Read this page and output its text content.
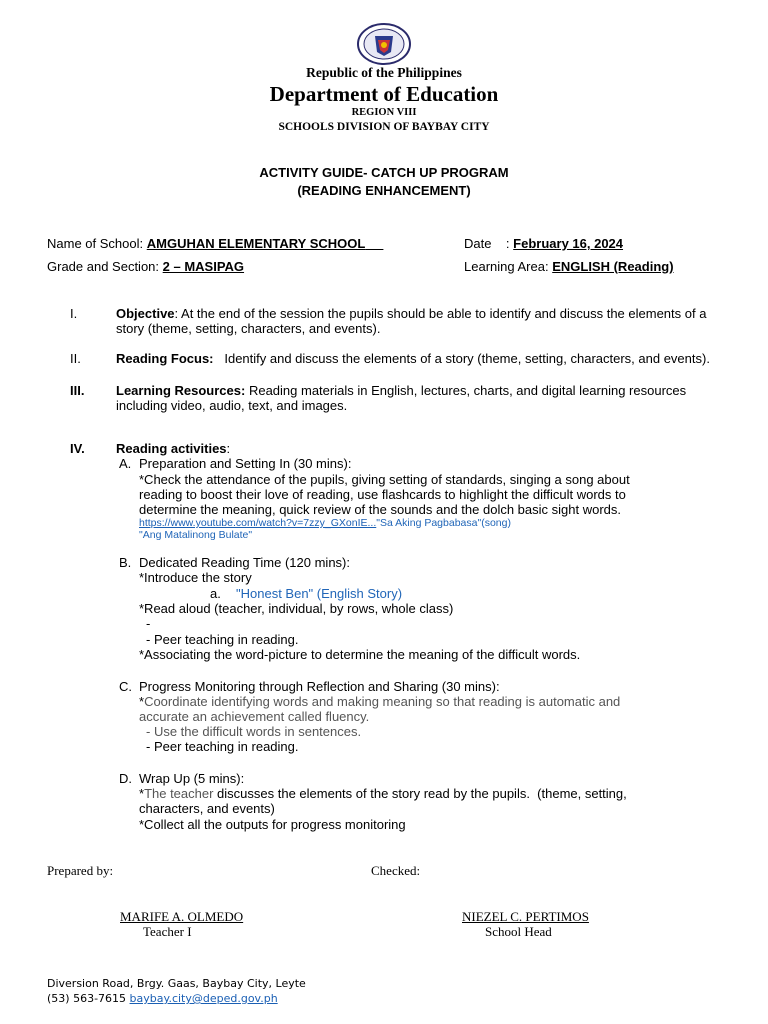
Republic of the Philippines
Department of Education
REGION VIII
SCHOOLS DIVISION OF BAYBAY CITY
ACTIVITY GUIDE- CATCH UP PROGRAM
(READING ENHANCEMENT)
Name of School: AMGUHAN ELEMENTARY SCHOOL	Date : February 16, 2024
Grade and Section: 2 – MASIPAG	Learning Area: ENGLISH (Reading)
I.	Objective: At the end of the session the pupils should be able to identify and discuss the elements of a story (theme, setting, characters, and events).
II.	Reading Focus: Identify and discuss the elements of a story (theme, setting, characters, and events).
III. Learning Resources: Reading materials in English, lectures, charts, and digital learning resources including video, audio, text, and images.
IV. Reading activities:
A. Preparation and Setting In (30 mins):
*Check the attendance of the pupils, giving setting of standards, singing a song about
reading to boost their love of reading, use flashcards to highlight the difficult words to
determine the meaning, quick review of the sounds and the dolch basic sight words.
https://www.youtube.com/watch?v=7zzy_GXonIE..."Sa Aking Pagbabasa"(song)
"Ang Matalinong Bulate"
B. Dedicated Reading Time (120 mins):
*Introduce the story
a. "Honest Ben" (English Story)
*Read aloud (teacher, individual, by rows, whole class)
-
- Peer teaching in reading.
*Associating the word-picture to determine the meaning of the difficult words.
C. Progress Monitoring through Reflection and Sharing (30 mins):
*Coordinate identifying words and making meaning so that reading is automatic and
accurate an achievement called fluency.
- Use the difficult words in sentences.
- Peer teaching in reading.
D. Wrap Up (5 mins):
*The teacher discusses the elements of the story read by the pupils.  (theme, setting,
characters, and events)
*Collect all the outputs for progress monitoring
Prepared by:	Checked:
MARIFE A. OLMEDO
Teacher I
NIEZEL C. PERTIMOS
School Head
Diversion Road, Brgy. Gaas, Baybay City, Leyte
(53) 563-7615 baybay.city@deped.gov.ph
